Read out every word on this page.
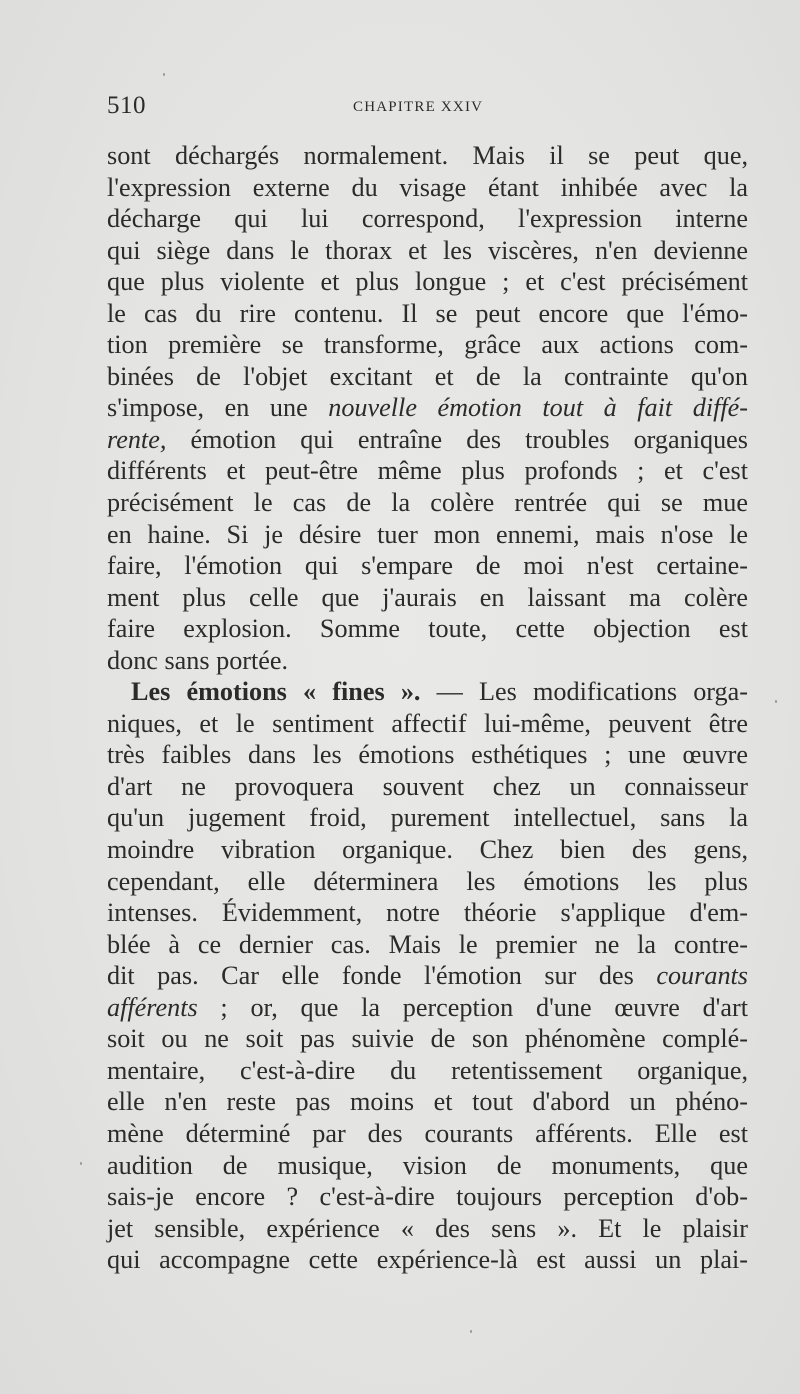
510	CHAPITRE XXIV
sont déchargés normalement. Mais il se peut que,
l'expression externe du visage étant inhibée avec la
décharge qui lui correspond, l'expression interne
qui siège dans le thorax et les viscères, n'en devienne
que plus violente et plus longue ; et c'est précisément
le cas du rire contenu. Il se peut encore que l'émo-
tion première se transforme, grâce aux actions com-
binées de l'objet excitant et de la contrainte qu'on
s'impose, en une nouvelle émotion tout à fait diffé-
rente, émotion qui entraîne des troubles organiques
différents et peut-être même plus profonds ; et c'est
précisément le cas de la colère rentrée qui se mue
en haine. Si je désire tuer mon ennemi, mais n'ose le
faire, l'émotion qui s'empare de moi n'est certaine-
ment plus celle que j'aurais en laissant ma colère
faire explosion. Somme toute, cette objection est
donc sans portée.
Les émotions « fines ». — Les modifications orga-
niques, et le sentiment affectif lui-même, peuvent être
très faibles dans les émotions esthétiques ; une œuvre
d'art ne provoquera souvent chez un connaisseur
qu'un jugement froid, purement intellectuel, sans la
moindre vibration organique. Chez bien des gens,
cependant, elle déterminera les émotions les plus
intenses. Évidemment, notre théorie s'applique d'em-
blée à ce dernier cas. Mais le premier ne la contre-
dit pas. Car elle fonde l'émotion sur des courants
afférents ; or, que la perception d'une œuvre d'art
soit ou ne soit pas suivie de son phénomène complé-
mentaire, c'est-à-dire du retentissement organique,
elle n'en reste pas moins et tout d'abord un phéno-
mène déterminé par des courants afférents. Elle est
audition de musique, vision de monuments, que
sais-je encore ? c'est-à-dire toujours perception d'ob-
jet sensible, expérience « des sens ». Et le plaisir
qui accompagne cette expérience-là est aussi un plai-
